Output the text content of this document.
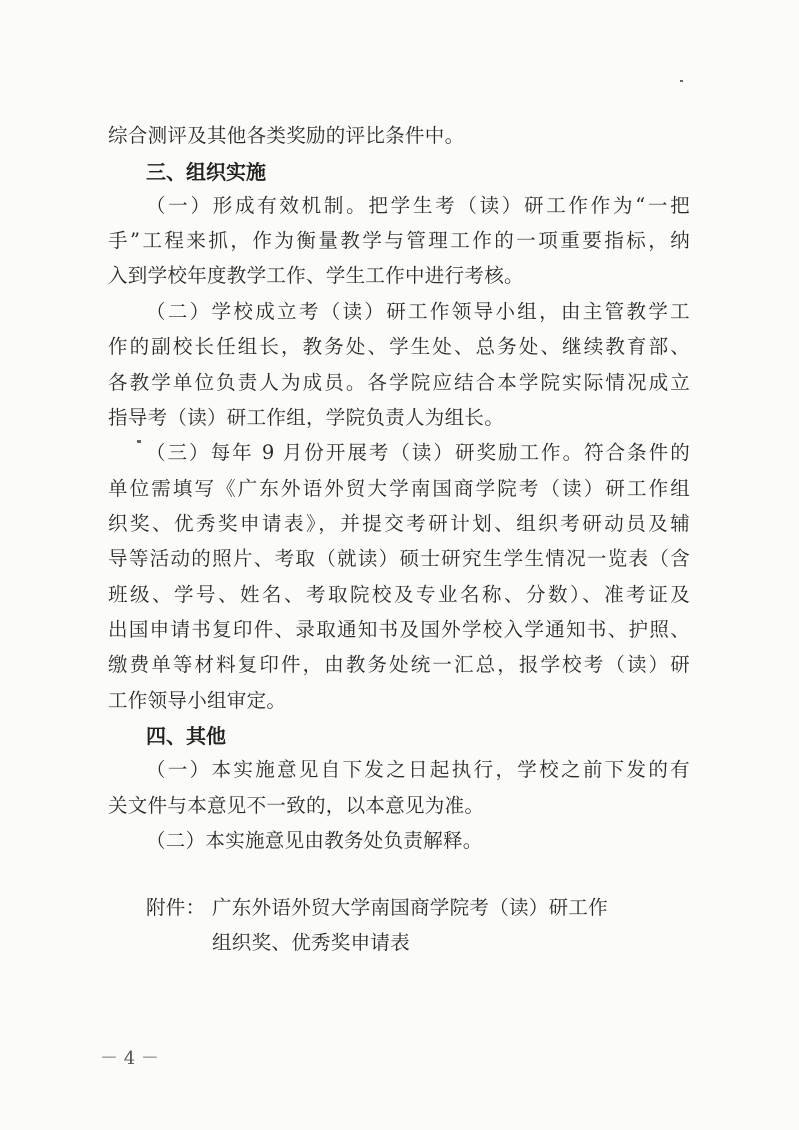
综合测评及其他各类奖励的评比条件中。
三、组织实施
（一）形成有效机制。把学生考（读）研工作作为“一把
手”工程来抓，作为衡量教学与管理工作的一项重要指标，纳
入到学校年度教学工作、学生工作中进行考核。
（二）学校成立考（读）研工作领导小组，由主管教学工
作的副校长任组长，教务处、学生处、总务处、继续教育部、
各教学单位负责人为成员。各学院应结合本学院实际情况成立
指导考（读）研工作组，学院负责人为组长。
（三）每年 9 月份开展考（读）研奖励工作。符合条件的
单位需填写《广东外语外贸大学南国商学院考（读）研工作组
织奖、优秀奖申请表》，并提交考研计划、组织考研动员及辅
导等活动的照片、考取（就读）硕士研究生学生情况一览表（含
班级、学号、姓名、考取院校及专业名称、分数）、准考证及
出国申请书复印件、录取通知书及国外学校入学通知书、护照、
缴费单等材料复印件，由教务处统一汇总，报学校考（读）研
工作领导小组审定。
四、其他
（一）本实施意见自下发之日起执行，学校之前下发的有
关文件与本意见不一致的，以本意见为准。
（二）本实施意见由教务处负责解释。
附件： 广东外语外贸大学南国商学院考（读）研工作
组织奖、优秀奖申请表
－ 4 －
